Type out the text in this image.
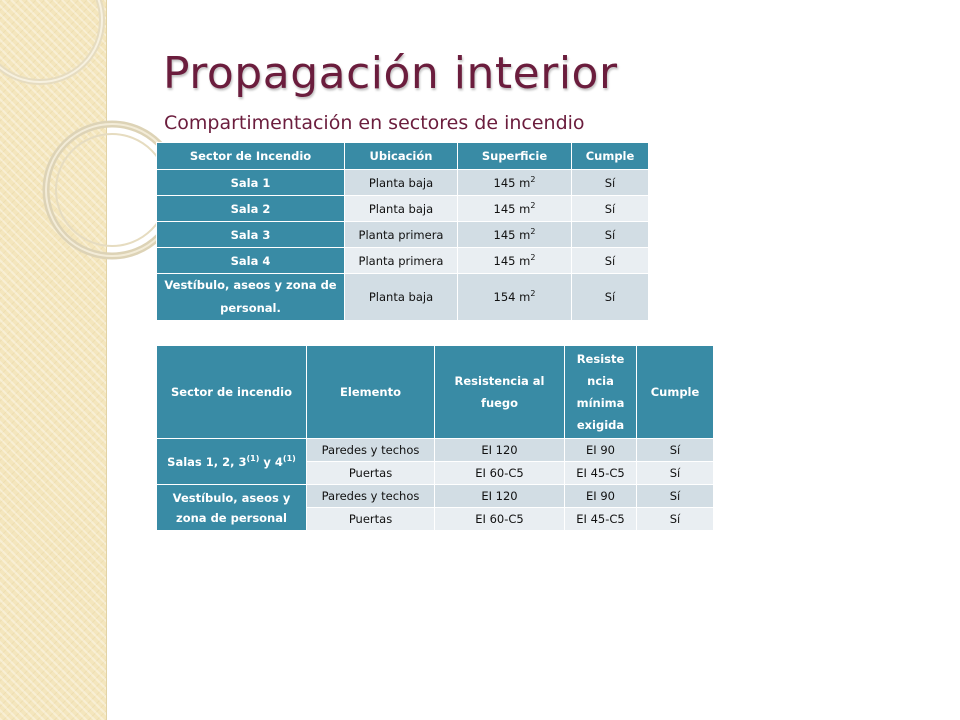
Propagación interior
Compartimentación en sectores de incendio
Sector de Incendio	Ubicación	Superficie	Cumple
Sala 1	Planta baja	145 $m^2$	Sí
Sala 2	Planta baja	145 $m^2$	Sí
Sala 3	Planta primera	145 $m^2$	Sí
Sala 4	Planta primera	145 $m^2$	Sí
Vestíbulo, aseos y zona de personal.	Planta baja	154 $m^2$	Sí
Sector de incendio	Elemento	Resistencia al fuego	Resiste ncia mínima exigida	Cumple
Salas 1, 2, 3$^{(1)}$ y 4$^{(1)}$	Paredes y techos	EI 120	EI 90	Sí
	Puertas	EI 60-C5	EI 45-C5	Sí
Vestíbulo, aseos y zona de personal	Paredes y techos	EI 120	EI 90	Sí
	Puertas	EI 60-C5	EI 45-C5	Sí
